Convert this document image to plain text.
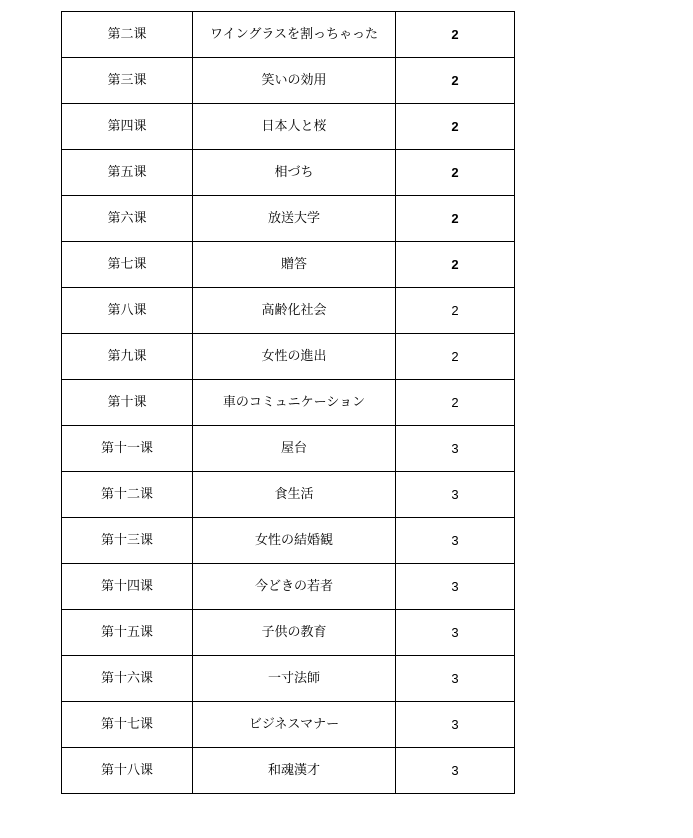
第二课	ワイングラスを割っちゃった	2
第三课	笑いの効用	2
第四课	日本人と桜	2
第五课	相づち	2
第六课	放送大学	2
第七课	贈答	2
第八课	高齢化社会	2
第九课	女性の進出	2
第十课	車のコミュニケーション	2
第十一课	屋台	3
第十二课	食生活	3
第十三课	女性の結婚観	3
第十四课	今どきの若者	3
第十五课	子供の教育	3
第十六课	一寸法師	3
第十七课	ビジネスマナー	3
第十八课	和魂漢才	3
